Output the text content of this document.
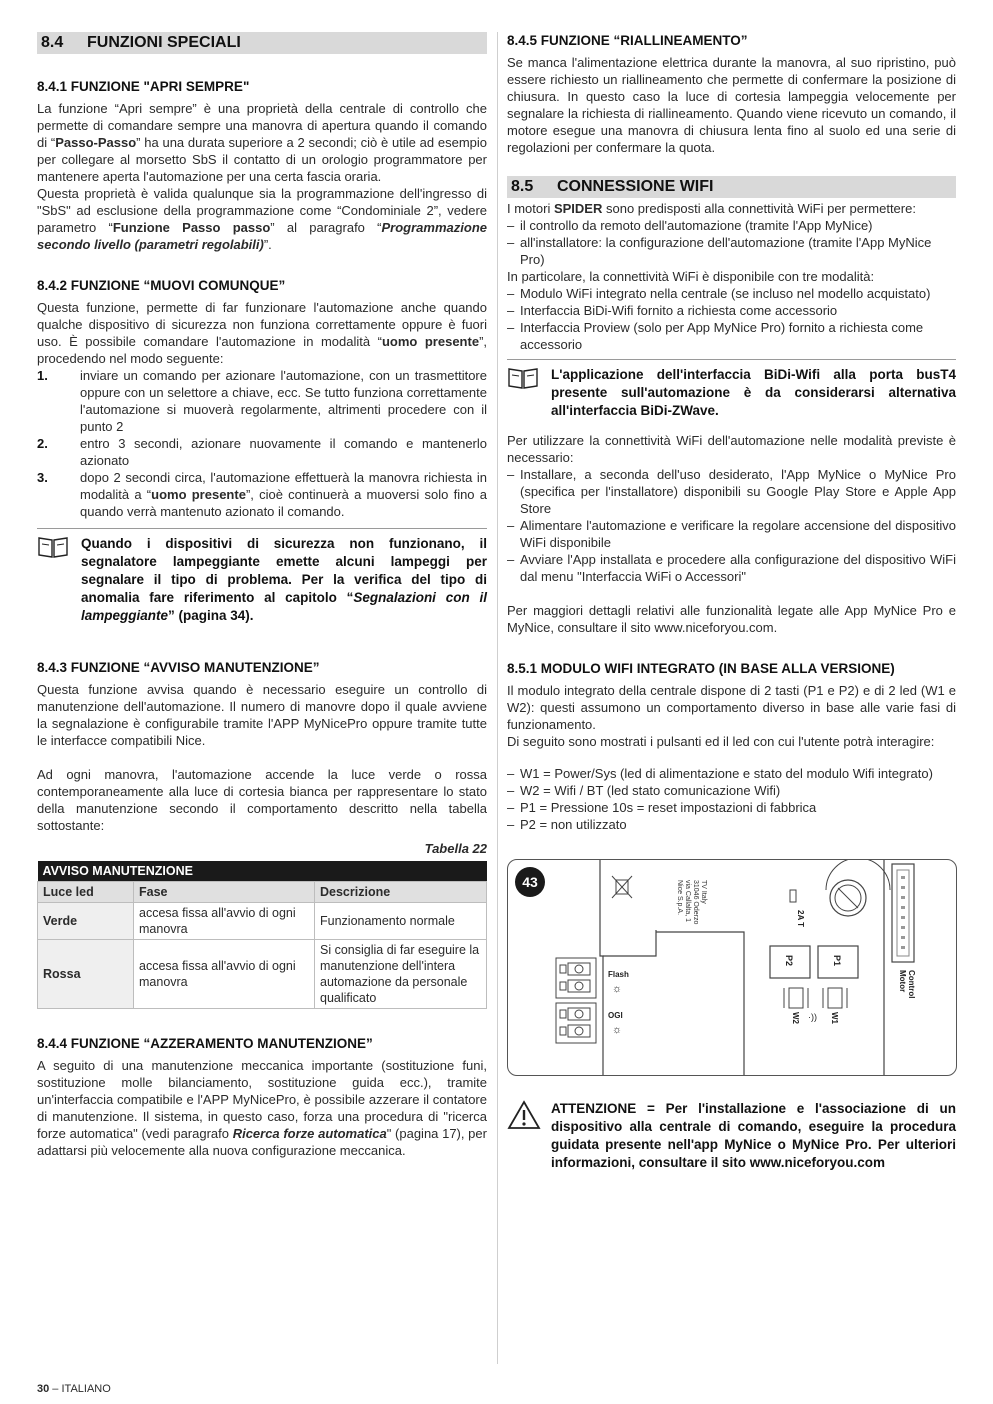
8.4 FUNZIONI SPECIALI
8.4.1 FUNZIONE "APRI SEMPRE"

La funzione “Apri sempre” è una proprietà della centrale di controllo che permette di comandare sempre una manovra di apertura quando il comando di “Passo-Passo” ha una durata superiore a 2 secondi; ciò è utile ad esempio per collegare al morsetto SbS il contatto di un orologio programmatore per mantenere aperta l'automazione per una certa fascia oraria.

Questa proprietà è valida qualunque sia la programmazione dell'ingresso di "SbS" ad esclusione della programmazione come “Condominiale 2”, vedere parametro “Funzione Passo passo” al paragrafo “Programmazione secondo livello (parametri regolabili)”.

8.4.2 FUNZIONE “MUOVI COMUNQUE”

Questa funzione, permette di far funzionare l'automazione anche quando qualche dispositivo di sicurezza non funziona correttamente oppure è fuori uso. È possibile comandare l'automazione in modalità “uomo presente”, procedendo nel modo seguente:

1. inviare un comando per azionare l'automazione, con un trasmettitore oppure con un selettore a chiave, ecc. Se tutto funziona correttamente l'automazione si muoverà regolarmente, altrimenti procedere con il punto 2
2. entro 3 secondi, azionare nuovamente il comando e mantenerlo azionato
3. dopo 2 secondi circa, l'automazione effettuerà la manovra richiesta in modalità a “uomo presente”, cioè continuerà a muoversi solo fino a quando verrà mantenuto azionato il comando.
Quando i dispositivi di sicurezza non funzionano, il segnalatore lampeggiante emette alcuni lampeggi per segnalare il tipo di problema. Per la verifica del tipo di anomalia fare riferimento al capitolo “Segnalazioni con il lampeggiante” (pagina 34).
8.4.3 FUNZIONE “AVVISO MANUTENZIONE”

Questa funzione avvisa quando è necessario eseguire un controllo di manutenzione dell'automazione. Il numero di manovre dopo il quale avviene la segnalazione è configurabile tramite l'APP MyNicePro oppure tramite tutte le interfacce compatibili Nice.

Ad ogni manovra, l'automazione accende la luce verde o rossa contemporaneamente alla luce di cortesia bianca per rappresentare lo stato della manutenzione secondo il comportamento descritto nella tabella sottostante:

Tabella 22
AVVISO MANUTENZIONE		
Luce led	Fase	Descrizione
Verde	accesa fissa all'avvio di ogni manovra	Funzionamento normale
Rossa	accesa fissa all'avvio di ogni manovra	Si consiglia di far eseguire la manutenzione dell'intera automazione da personale qualificato
8.4.4 FUNZIONE “AZZERAMENTO MANUTENZIONE”

A seguito di una manutenzione meccanica importante (sostituzione funi, sostituzione molle bilanciamento, sostituzione guida ecc.), tramite un'interfaccia compatibile e l'APP MyNicePro, è possibile azzerare il contatore di manutenzione. Il sistema, in questo caso, forza una procedura di "ricerca forze automatica" (vedi paragrafo Ricerca forze automatica" (pagina 17), per adattarsi più velocemente alla nuova configurazione meccanica.

8.4.5 FUNZIONE “RIALLINEAMENTO”

Se manca l'alimentazione elettrica durante la manovra, al suo ripristino, può essere richiesto un riallineamento che permette di confermare la posizione di chiusura. In questo caso la luce di cortesia lampeggia velocemente per segnalare la richiesta di riallineamento. Quando viene ricevuto un comando, il motore esegue una manovra di chiusura lenta fino al suolo ed una serie di regolazioni per confermare la quota.

8.5 CONNESSIONE WIFI

I motori SPIDER sono predisposti alla connettività WiFi per permettere:

– il controllo da remoto dell'automazione (tramite l'App MyNice)
– all'installatore: la configurazione dell'automazione (tramite l'App MyNice Pro)

In particolare, la connettività WiFi è disponibile con tre modalità:

– Modulo WiFi integrato nella centrale (se incluso nel modello acquistato)
– Interfaccia BiDi-Wifi fornito a richiesta come accessorio
– Interfaccia Proview (solo per App MyNice Pro) fornito a richiesta come accessorio
L'applicazione dell'interfaccia BiDi-Wifi alla porta busT4 presente sull'automazione è da considerarsi alternativa all'interfaccia BiDi-ZWave.

Per utilizzare la connettività WiFi dell'automazione nelle modalità previste è necessario:

– Installare, a seconda dell'uso desiderato, l'App MyNice o MyNice Pro (specifica per l'installatore) disponibili su Google Play Store e Apple App Store
– Alimentare l'automazione e verificare la regolare accensione del dispositivo WiFi disponibile
– Avviare l'App installata e procedere alla configurazione del dispositivo WiFi dal menu "Interfaccia WiFi o Accessori"

Per maggiori dettagli relativi alle funzionalità legate alle App MyNice Pro e MyNice, consultare il sito www.niceforyou.com.

8.5.1 MODULO WIFI INTEGRATO (IN BASE ALLA VERSIONE)

Il modulo integrato della centrale dispone di 2 tasti (P1 e P2) e di 2 led (W1 e W2): questi assumono un comportamento diverso in base alle varie fasi di funzionamento.

Di seguito sono mostrati i pulsanti ed il led con cui l'utente potrà interagire:

– W1 = Power/Sys (led di alimentazione e stato del modulo Wifi integrato)
– W2 = Wifi / BT (led stato comunicazione Wifi)
– P1 = Pressione 10s = reset impostazioni di fabbrica
– P2 = non utilizzato
43	Nice S.p.A. via Callalta, 1 31046 Oderzo TV Italy
Flash
☼
OGI
☼
2A T
P2	P1
W2	W1
·))
Motor Control
ATTENZIONE = Per l'installazione e l'associazione di un dispositivo alla centrale di comando, eseguire la procedura guidata presente nell'app MyNice o MyNice Pro. Per ulteriori informazioni, consultare il sito www.niceforyou.com
30 – ITALIANO
